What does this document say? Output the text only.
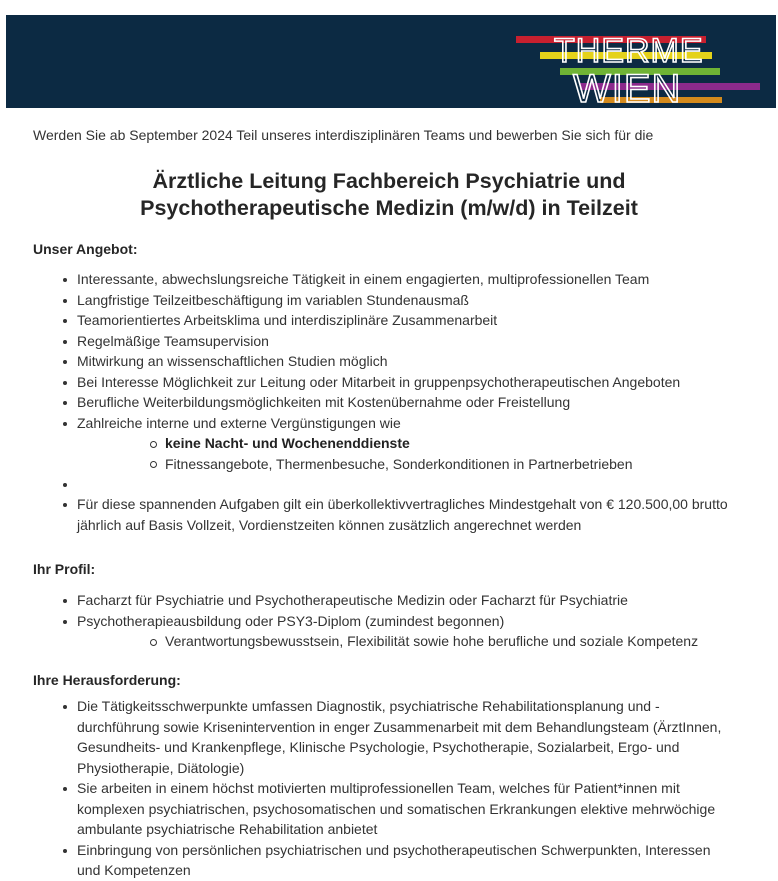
THERME
WIEN
Werden Sie ab September 2024 Teil unseres interdisziplinären Teams und bewerben Sie sich für die
Ärztliche Leitung Fachbereich Psychiatrie und
Psychotherapeutische Medizin (m/w/d) in Teilzeit
Unser Angebot:
Interessante, abwechslungsreiche Tätigkeit in einem engagierten, multiprofessionellen Team
Langfristige Teilzeitbeschäftigung im variablen Stundenausmaß
Teamorientiertes Arbeitsklima und interdisziplinäre Zusammenarbeit
Regelmäßige Teamsupervision
Mitwirkung an wissenschaftlichen Studien möglich
Bei Interesse Möglichkeit zur Leitung oder Mitarbeit in gruppenpsychotherapeutischen Angeboten
Berufliche Weiterbildungsmöglichkeiten mit Kostenübernahme oder Freistellung
Zahlreiche interne und externe Vergünstigungen wie
keine Nacht- und Wochenenddienste
Fitnessangebote, Thermenbesuche, Sonderkonditionen in Partnerbetrieben
Für diese spannenden Aufgaben gilt ein überkollektivvertragliches Mindestgehalt von € 120.500,00 brutto
jährlich auf Basis Vollzeit, Vordienstzeiten können zusätzlich angerechnet werden
Ihr Profil:
Facharzt für Psychiatrie und Psychotherapeutische Medizin oder Facharzt für Psychiatrie
Psychotherapieausbildung oder PSY3-Diplom (zumindest begonnen)
Verantwortungsbewusstsein, Flexibilität sowie hohe berufliche und soziale Kompetenz
Ihre Herausforderung:
Die Tätigkeitsschwerpunkte umfassen Diagnostik, psychiatrische Rehabilitationsplanung und -
durchführung sowie Krisenintervention in enger Zusammenarbeit mit dem Behandlungsteam (ÄrztInnen,
Gesundheits- und Krankenpflege, Klinische Psychologie, Psychotherapie, Sozialarbeit, Ergo- und
Physiotherapie, Diätologie)
Sie arbeiten in einem höchst motivierten multiprofessionellen Team, welches für Patient*innen mit
komplexen psychiatrischen, psychosomatischen und somatischen Erkrankungen elektive mehrwöchige
ambulante psychiatrische Rehabilitation anbietet
Einbringung von persönlichen psychiatrischen und psychotherapeutischen Schwerpunkten, Interessen
und Kompetenzen
